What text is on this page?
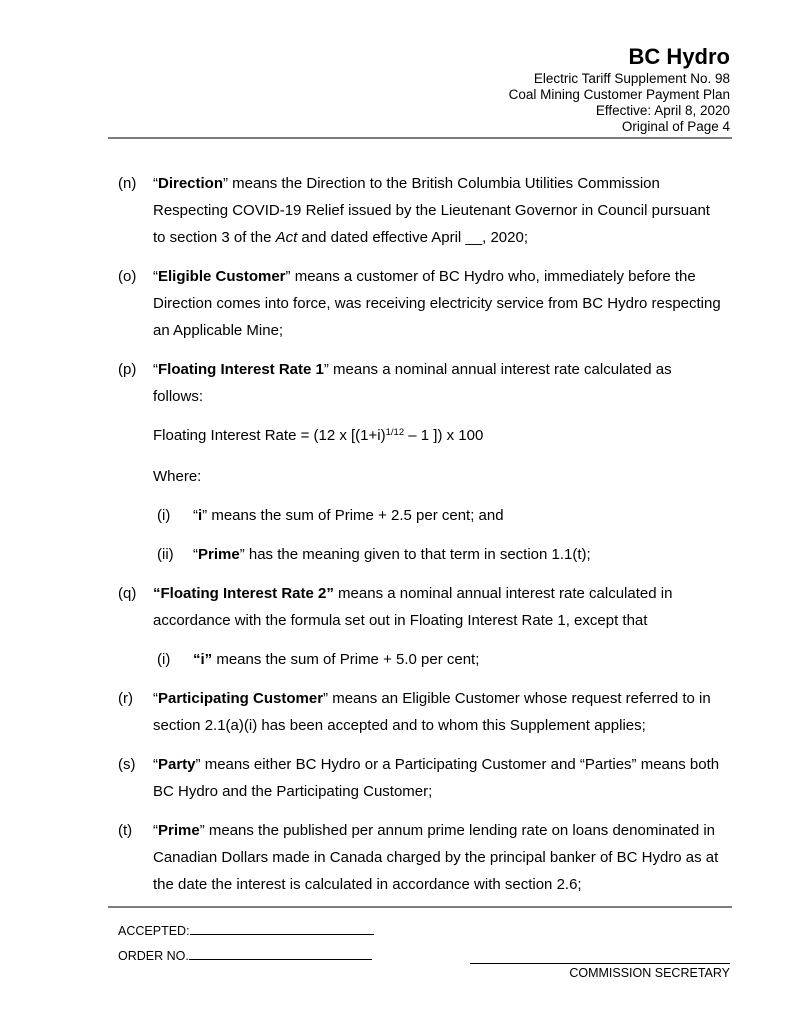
BC Hydro
Electric Tariff Supplement No. 98
Coal Mining Customer Payment Plan
Effective: April 8, 2020
Original of Page 4
(n)	“Direction” means the Direction to the British Columbia Utilities Commission Respecting COVID-19 Relief issued by the Lieutenant Governor in Council pursuant to section 3 of the Act and dated effective April __, 2020;
(o)	“Eligible Customer” means a customer of BC Hydro who, immediately before the Direction comes into force, was receiving electricity service from BC Hydro respecting an Applicable Mine;
(p)	“Floating Interest Rate 1” means a nominal annual interest rate calculated as follows:
Floating Interest Rate = (12 x [$(1+i)^{1/12} - 1$ ]) x 100
Where:
(i)	“i” means the sum of Prime + 2.5 per cent; and
(ii)	“Prime” has the meaning given to that term in section 1.1(t);
(q)	“Floating Interest Rate 2” means a nominal annual interest rate calculated in accordance with the formula set out in Floating Interest Rate 1, except that
(i)	“i” means the sum of Prime + 5.0 per cent;
(r)	“Participating Customer” means an Eligible Customer whose request referred to in section 2.1(a)(i) has been accepted and to whom this Supplement applies;
(s)	“Party” means either BC Hydro or a Participating Customer and “Parties” means both BC Hydro and the Participating Customer;
(t)	“Prime” means the published per annum prime lending rate on loans denominated in Canadian Dollars made in Canada charged by the principal banker of BC Hydro as at the date the interest is calculated in accordance with section 2.6;
ACCEPTED:
ORDER NO.
COMMISSION SECRETARY
